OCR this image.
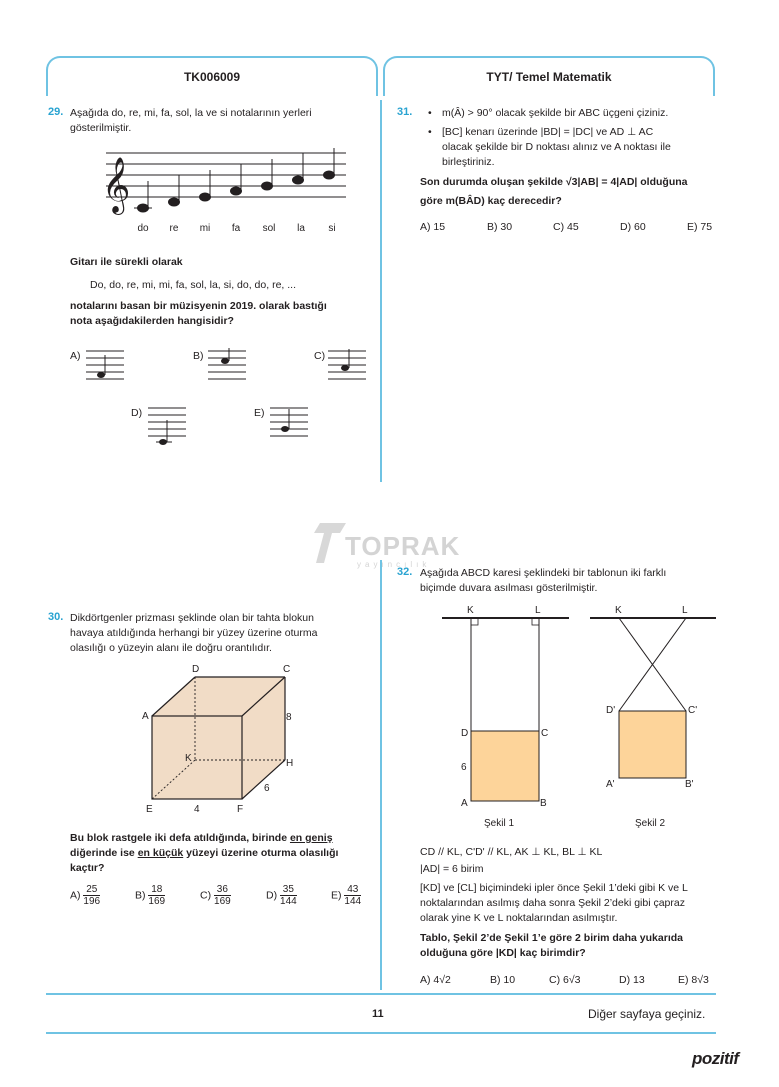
TK006009	TYT/ Temel Matematik
29. Aşağıda do, re, mi, fa, sol, la ve si notalarının yerleri
gösterilmiştir.
𝄞
do re mi fa sol la si
Gitarı ile sürekli olarak
Do, do, re, mi, mi, fa, sol, la, si, do, do, re, ...
notalarını basan bir müzisyenin 2019. olarak bastığı
nota aşağıdakilerden hangisidir?
A)	B)	C)
D)	E)
31. • m(Â) > 90° olacak şekilde bir ABC üçgeni çiziniz.
• [BC] kenarı üzerinde |BD| = |DC| ve AD ⊥ AC
olacak şekilde bir D noktası alınız ve A noktası ile
birleştiriniz.
Son durumda oluşan şekilde √3|AB| = 4|AD| olduğuna
göre m(BÂD) kaç derecedir?
A) 15	B) 30	C) 45	D) 60	E) 75
TOPRAK
yayıncılık
30. Dikdörtgenler prizması şeklinde olan bir tahta blokun
havaya atıldığında herhangi bir yüzey üzerine oturma
olasılığı o yüzeyin alanı ile doğru orantılıdır.
D	C
A	8
K	H
6
E	4	F
Bu blok rastgele iki defa atıldığında, birinde en geniş
diğerinde ise en küçük yüzeyi üzerine oturma olasılığı
kaçtır?
$A) \frac{25}{196}$	$B) \frac{18}{169}$	$C) \frac{36}{169}$	$D) \frac{35}{144}$	$E) \frac{43}{144}$
32. Aşağıda ABCD karesi şeklindeki bir tablonun iki farklı
biçimde duvara asılması gösterilmiştir.
K	L
D	C
6
A	B
Şekil 1
K	L
D'	C'
A'	B'
Şekil 2
CD // KL, C'D' // KL, AK ⊥ KL, BL ⊥ KL
|AD| = 6 birim
[KD] ve [CL] biçimindeki ipler önce Şekil 1’deki gibi K ve L
noktalarından asılmış daha sonra Şekil 2’deki gibi çapraz
olarak yine K ve L noktalarından asılmıştır.
Tablo, Şekil 2’de Şekil 1’e göre 2 birim daha yukarıda
olduğuna göre |KD| kaç birimdir?
A) 4√2	B) 10	C) 6√3	D) 13	E) 8√3
11	Diğer sayfaya geçiniz.
pozitif
